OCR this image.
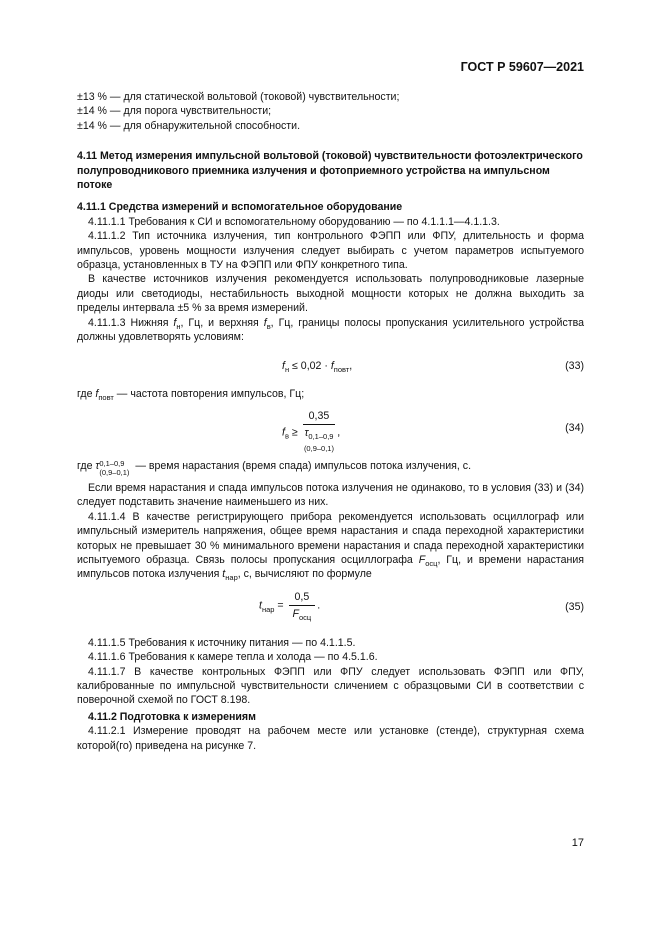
ГОСТ Р 59607—2021

±13 % — для статической вольтовой (токовой) чувствительности;

±14 % — для порога чувствительности;

±14 % — для обнаружительной способности.

4.11 Метод измерения импульсной вольтовой (токовой) чувствительности фотоэлектрического полупроводникового приемника излучения и фотоприемного устройства на импульсном потоке

4.11.1 Средства измерений и вспомогательное оборудование

4.11.1.1 Требования к СИ и вспомогательному оборудованию — по 4.1.1.1—4.1.1.3.

4.11.1.2 Тип источника излучения, тип контрольного ФЭПП или ФПУ, длительность и форма импульсов, уровень мощности излучения следует выбирать с учетом параметров испытуемого образца, установленных в ТУ на ФЭПП или ФПУ конкретного типа.

В качестве источников излучения рекомендуется использовать полупроводниковые лазерные диоды или светодиоды, нестабильность выходной мощности которых не должна выходить за пределы интервала ±5 % за время измерений.

4.11.1.3 Нижняя $f_н$, Гц, и верхняя $f_в$, Гц, границы полосы пропускания усилительного устройства должны удовлетворять условиям:

$f_н \le 0,02 \cdot f_{повт}$,	(33)

где $f_{повт}$ — частота повторения импульсов, Гц;

$f_в$ ≥
0,35
$\tau_{0,1-0,9}$
(0,9–0,1)
,	(34)

где τ0,1–0,9
(0,9–0,1) — время нарастания (время спада) импульсов потока излучения, с.

Если время нарастания и спада импульсов потока излучения не одинаково, то в условия (33) и (34) следует подставить значение наименьшего из них.

4.11.1.4 В качестве регистрирующего прибора рекомендуется использовать осциллограф или импульсный измеритель напряжения, общее время нарастания и спада переходной характеристики которых не превышает 30 % минимального времени нарастания и спада переходной характеристики испытуемого образца. Связь полосы пропускания осциллографа $F_{осц}$, Гц, и времени нарастания импульсов потока излучения $t_{нар}$, с, вычисляют по формуле

$t_{нар} = \frac{0,5}{F_{осц}}$ .	(35)

4.11.1.5 Требования к источнику питания — по 4.1.1.5.

4.11.1.6 Требования к камере тепла и холода — по 4.5.1.6.

4.11.1.7 В качестве контрольных ФЭПП или ФПУ следует использовать ФЭПП или ФПУ, калиброванные по импульсной чувствительности сличением с образцовыми СИ в соответствии с поверочной схемой по ГОСТ 8.198.

4.11.2 Подготовка к измерениям

4.11.2.1 Измерение проводят на рабочем месте или установке (стенде), структурная схема которой(го) приведена на рисунке 7.

17
